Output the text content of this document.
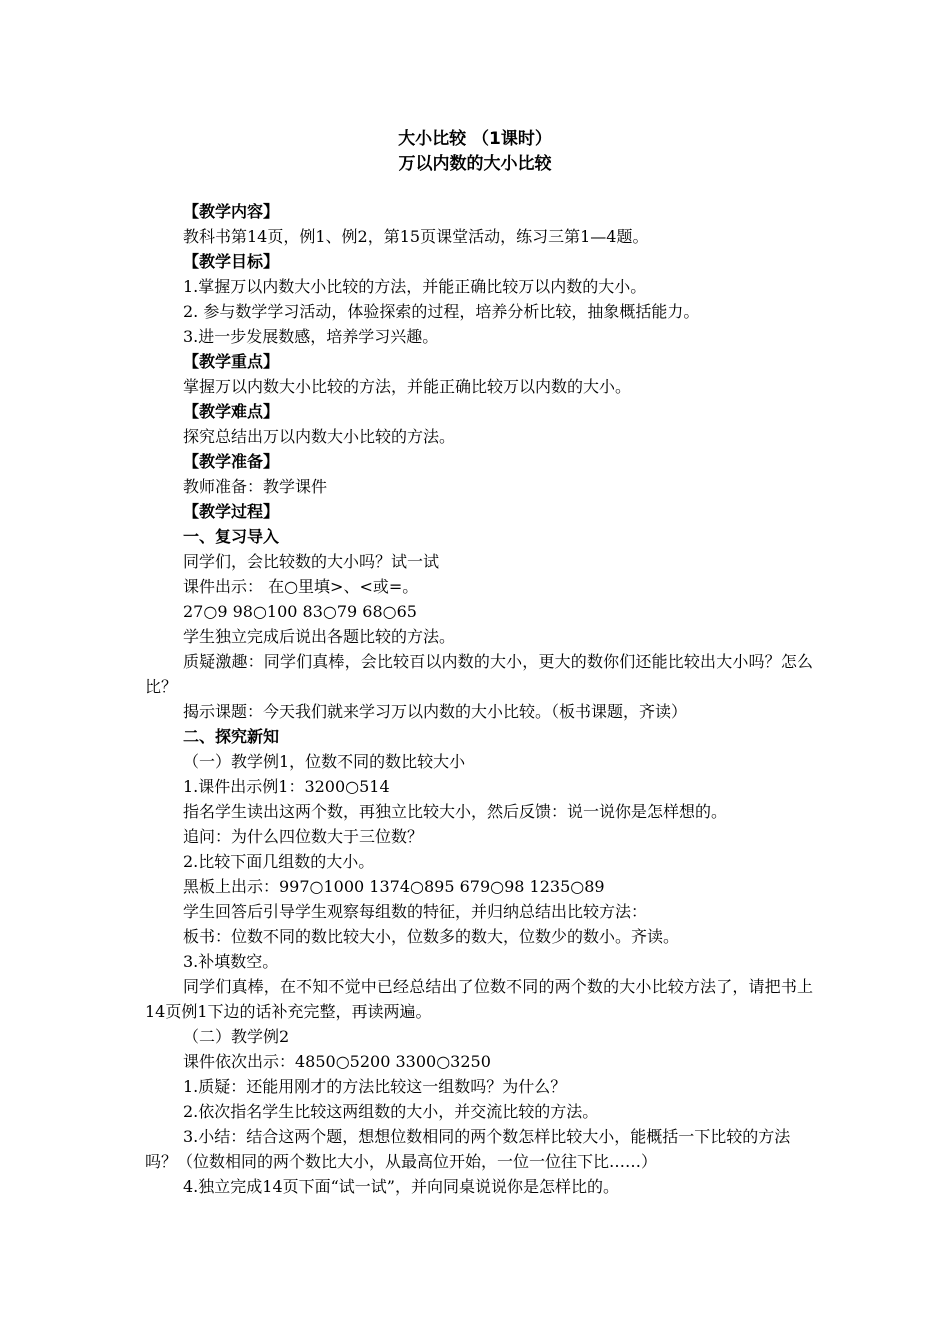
大小比较 （1课时）
万以内数的大小比较
【教学内容】
教科书第14页，例1、例2，第15页课堂活动，练习三第1—4题。
【教学目标】
1.掌握万以内数大小比较的方法，并能正确比较万以内数的大小。
2. 参与数学学习活动，体验探索的过程，培养分析比较，抽象概括能力。
3.进一步发展数感，培养学习兴趣。
【教学重点】
掌握万以内数大小比较的方法，并能正确比较万以内数的大小。
【教学难点】
探究总结出万以内数大小比较的方法。
【教学准备】
教师准备：教学课件
【教学过程】
一、复习导入
同学们，会比较数的大小吗？试一试
课件出示： 在○里填>、<或=。
27○9 98○100 83○79 68○65
学生独立完成后说出各题比较的方法。
质疑激趣：同学们真棒，会比较百以内数的大小，更大的数你们还能比较出大小吗？怎么比？
揭示课题：今天我们就来学习万以内数的大小比较。（板书课题，齐读）
二、探究新知
（一）教学例1，位数不同的数比较大小
1.课件出示例1：3200○514
指名学生读出这两个数，再独立比较大小，然后反馈：说一说你是怎样想的。
追问：为什么四位数大于三位数？
2.比较下面几组数的大小。
黑板上出示：997○1000 1374○895 679○98 1235○89
学生回答后引导学生观察每组数的特征，并归纳总结出比较方法：
板书：位数不同的数比较大小，位数多的数大，位数少的数小。齐读。
3.补填数空。
同学们真棒，在不知不觉中已经总结出了位数不同的两个数的大小比较方法了，请把书上14页例1下边的话补充完整，再读两遍。
（二）教学例2
课件依次出示：4850○5200 3300○3250
1.质疑：还能用刚才的方法比较这一组数吗？为什么？
2.依次指名学生比较这两组数的大小，并交流比较的方法。
3.小结：结合这两个题，想想位数相同的两个数怎样比较大小，能概括一下比较的方法吗？（位数相同的两个数比大小，从最高位开始，一位一位往下比……）
4.独立完成14页下面“试一试”，并向同桌说说你是怎样比的。
